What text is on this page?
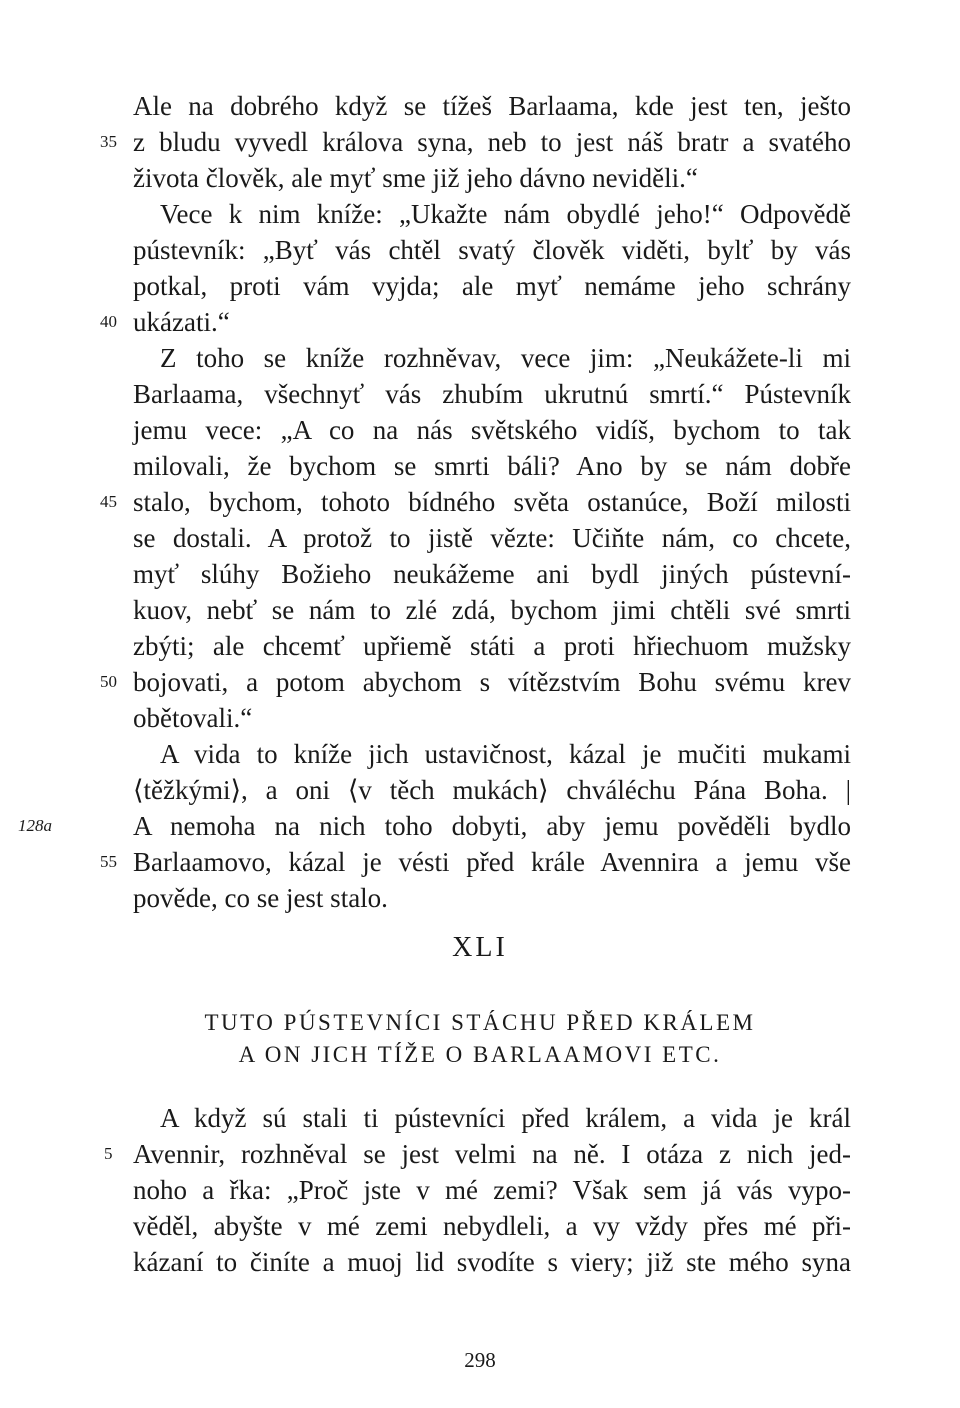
Ale na dobrého když se tížeš Barlaama, kde jest ten, ješto
35 z bludu vyvedl králova syna, neb to jest náš bratr a svatého
života člověk, ale myť sme již jeho dávno neviděli.“
Vece k nim kníže: „Ukažte nám obydlé jeho!“ Odpovědě
pústevník: „Byť vás chtěl svatý člověk viděti, bylť by vás
potkal, proti vám vyjda; ale myť nemáme jeho schrány
40 ukázati.“
Z toho se kníže rozhněvav, vece jim: „Neukážete-li mi
Barlaama, všechnyť vás zhubím ukrutnú smrtí.“ Pústevník
jemu vece: „A co na nás světského vidíš, bychom to tak
milovali, že bychom se smrti báli? Ano by se nám dobře
45 stalo, bychom, tohoto bídného světa ostanúce, Boží milosti
se dostali. A protož to jistě vězte: Učiňte nám, co chcete,
myť slúhy Božieho neukážeme ani bydl jiných pústevní-
kuov, nebť se nám to zlé zdá, bychom jimi chtěli své smrti
zbýti; ale chcemť upřiemě státi a proti hřiechuom mužsky
50 bojovati, a potom abychom s vítězstvím Bohu svému krev
obětovali.“
A vida to kníže jich ustavičnost, kázal je mučiti mukami
⟨těžkými⟩, a oni ⟨v těch mukách⟩ chváléchu Pána Boha. |
128a	A nemoha na nich toho dobyti, aby jemu pověděli bydlo
55 Barlaamovo, kázal je vésti před krále Avennira a jemu vše
pověde, co se jest stalo.
XLI
TUTO PÚSTEVNÍCI STÁCHU PŘED KRÁLEM
A ON JICH TÍŽE O BARLAAMOVI ETC.
A když sú stali ti pústevníci před králem, a vida je král
5 Avennir, rozhněval se jest velmi na ně. I otáza z nich jed-
noho a řka: „Proč jste v mé zemi? Však sem já vás vypo-
věděl, abyšte v mé zemi nebydleli, a vy vždy přes mé při-
kázaní to činíte a muoj lid svodíte s viery; již ste mého syna
298
